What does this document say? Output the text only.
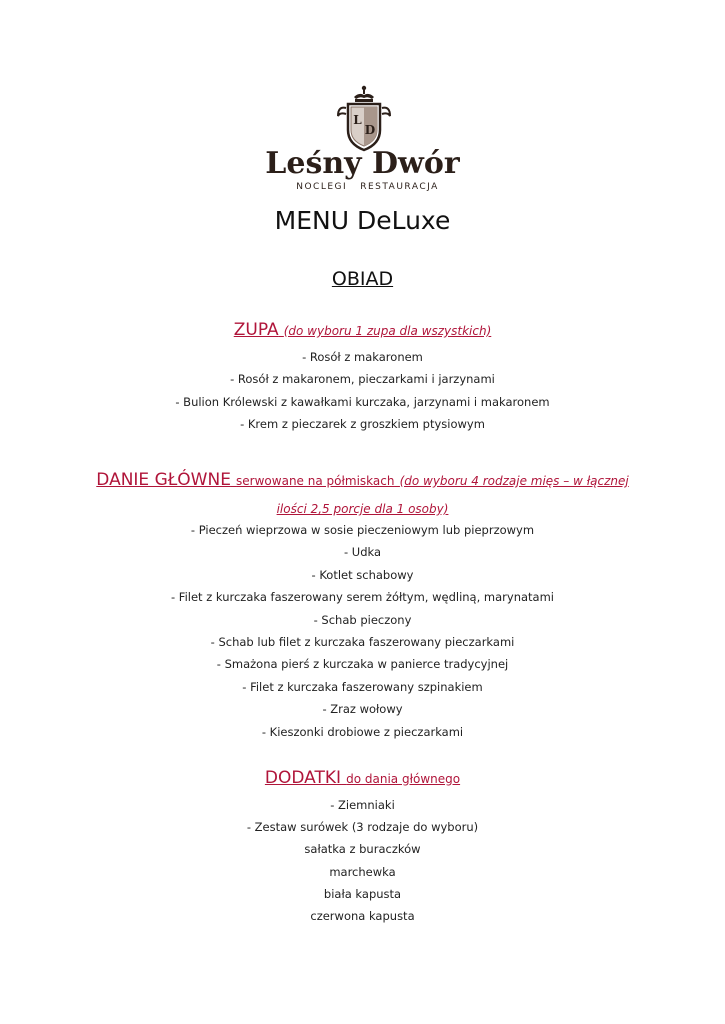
L
D
Leśny Dwór
NOCLEGI   RESTAURACJA
MENU DeLuxe
OBIAD
ZUPA (do wyboru 1 zupa dla wszystkich)
- Rosół z makaronem
- Rosół z makaronem, pieczarkami i jarzynami
- Bulion Królewski z kawałkami kurczaka, jarzynami i makaronem
- Krem z pieczarek z groszkiem ptysiowym
DANIE GŁÓWNE serwowane na półmiskach (do wyboru 4 rodzaje mięs – w łącznej
ilości 2,5 porcje dla 1 osoby)
- Pieczeń wieprzowa w sosie pieczeniowym lub pieprzowym
- Udka
- Kotlet schabowy
- Filet z kurczaka faszerowany serem żółtym, wędliną, marynatami
- Schab pieczony
- Schab lub filet z kurczaka faszerowany pieczarkami
- Smażona pierś z kurczaka w panierce tradycyjnej
- Filet z kurczaka faszerowany szpinakiem
- Zraz wołowy
- Kieszonki drobiowe z pieczarkami
DODATKI do dania głównego
- Ziemniaki
- Zestaw surówek (3 rodzaje do wyboru)
sałatka z buraczków
marchewka
biała kapusta
czerwona kapusta
